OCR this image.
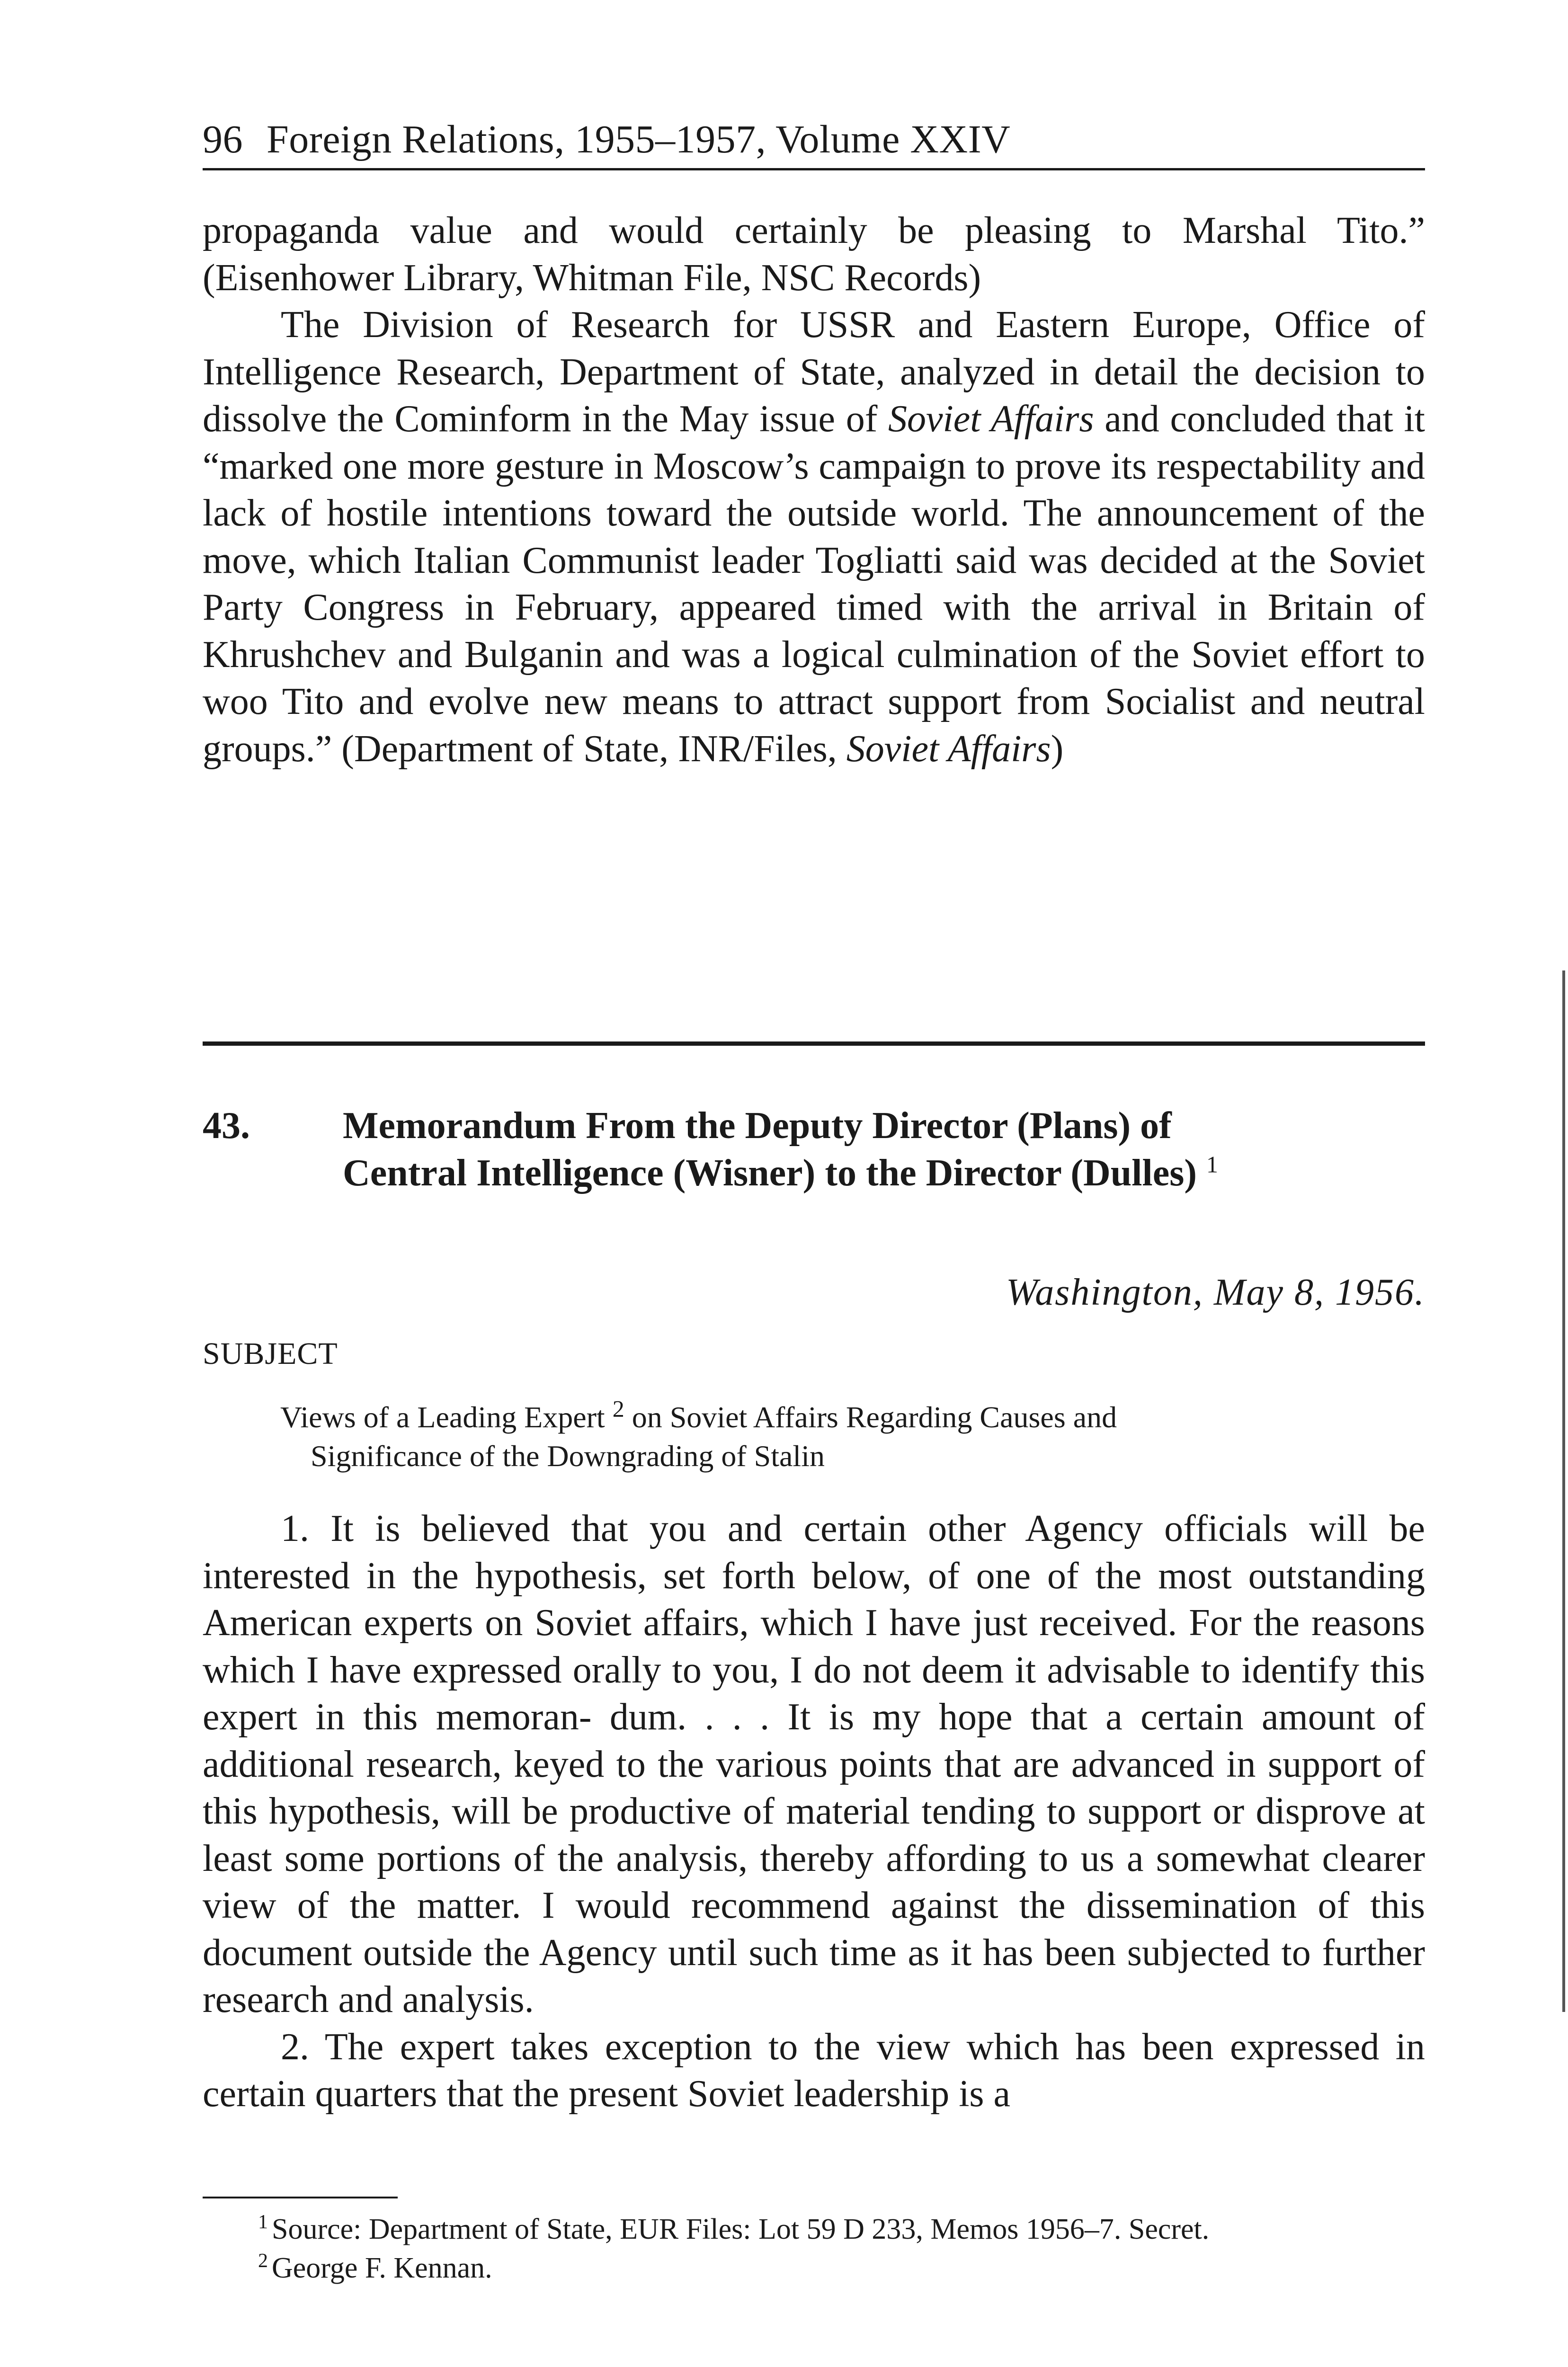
96 Foreign Relations, 1955–1957, Volume XXIV

propaganda value and would certainly be pleasing to Marshal Tito.” (Eisenhower Library, Whitman File, NSC Records)

The Division of Research for USSR and Eastern Europe, Office of Intelligence Research, Department of State, analyzed in detail the decision to dissolve the Cominform in the May issue of Soviet Affairs and concluded that it “marked one more gesture in Moscow’s campaign to prove its respectability and lack of hostile intentions toward the outside world. The announcement of the move, which Italian Communist leader Togliatti said was decided at the Soviet Party Congress in February, appeared timed with the arrival in Britain of Khrushchev and Bulganin and was a logical culmination of the Soviet effort to woo Tito and evolve new means to attract support from Socialist and neutral groups.” (Department of State, INR/Files, Soviet Affairs)

43. Memorandum From the Deputy Director (Plans) of
Central Intelligence (Wisner) to the Director (Dulles) $^1$
Washington, May 8, 1956.
SUBJECT
Views of a Leading Expert $^2$ on Soviet Affairs Regarding Causes and
Significance of the Downgrading of Stalin

1. It is believed that you and certain other Agency officials will be interested in the hypothesis, set forth below, of one of the most outstanding American experts on Soviet affairs, which I have just received. For the reasons which I have expressed orally to you, I do not deem it advisable to identify this expert in this memoran- dum. . . . It is my hope that a certain amount of additional research, keyed to the various points that are advanced in support of this hypothesis, will be productive of material tending to support or disprove at least some portions of the analysis, thereby affording to us a somewhat clearer view of the matter. I would recommend against the dissemination of this document outside the Agency until such time as it has been subjected to further research and analysis.

2. The expert takes exception to the view which has been expressed in certain quarters that the present Soviet leadership is a

$^1$ Source: Department of State, EUR Files: Lot 59 D 233, Memos 1956–7. Secret.
$^2$ George F. Kennan.
